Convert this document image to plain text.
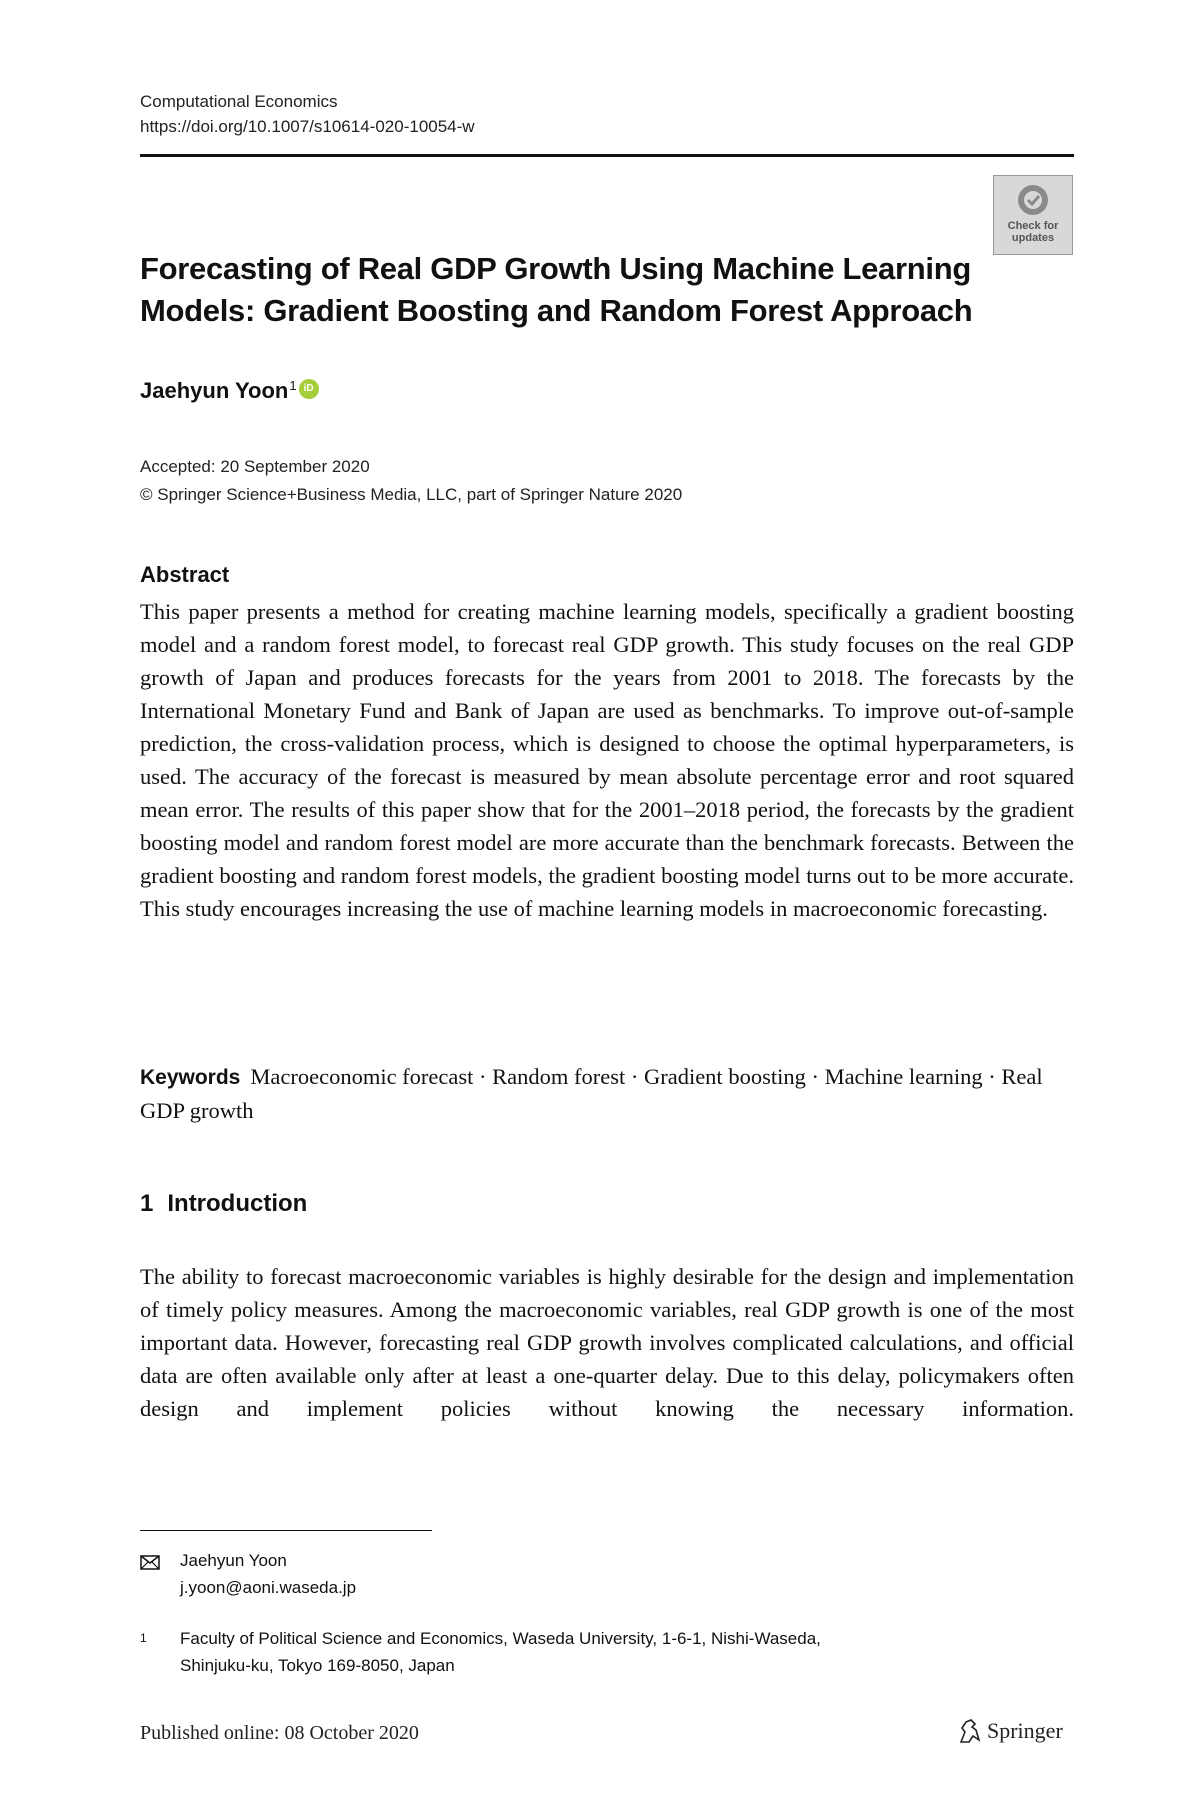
Computational Economics
https://doi.org/10.1007/s10614-020-10054-w
Check for updates
Forecasting of Real GDP Growth Using Machine Learning Models: Gradient Boosting and Random Forest Approach
Jaehyun Yoon$^1$
iD
Accepted: 20 September 2020
© Springer Science+Business Media, LLC, part of Springer Nature 2020
Abstract
This paper presents a method for creating machine learning models, specifically a gradient boosting model and a random forest model, to forecast real GDP growth. This study focuses on the real GDP growth of Japan and produces forecasts for the years from 2001 to 2018. The forecasts by the International Monetary Fund and Bank of Japan are used as benchmarks. To improve out-of-sample prediction, the cross-validation process, which is designed to choose the optimal hyperparameters, is used. The accuracy of the forecast is measured by mean absolute percentage error and root squared mean error. The results of this paper show that for the 2001–2018 period, the forecasts by the gradient boosting model and random forest model are more accurate than the benchmark forecasts. Between the gradient boosting and random forest models, the gradient boosting model turns out to be more accurate. This study encourages increasing the use of machine learning models in macroeconomic forecasting.
Keywords Macroeconomic forecast · Random forest · Gradient boosting · Machine learning · Real GDP growth
1 Introduction
The ability to forecast macroeconomic variables is highly desirable for the design and implementation of timely policy measures. Among the macroeconomic variables, real GDP growth is one of the most important data. However, forecasting real GDP growth involves complicated calculations, and official data are often available only after at least a one-quarter delay. Due to this delay, policymakers often design and implement policies without knowing the necessary information.
Jaehyun Yoon
j.yoon@aoni.waseda.jp
1	Faculty of Political Science and Economics, Waseda University, 1-6-1, Nishi-Waseda,
Shinjuku-ku, Tokyo 169-8050, Japan
Published online: 08 October 2020	Springer
